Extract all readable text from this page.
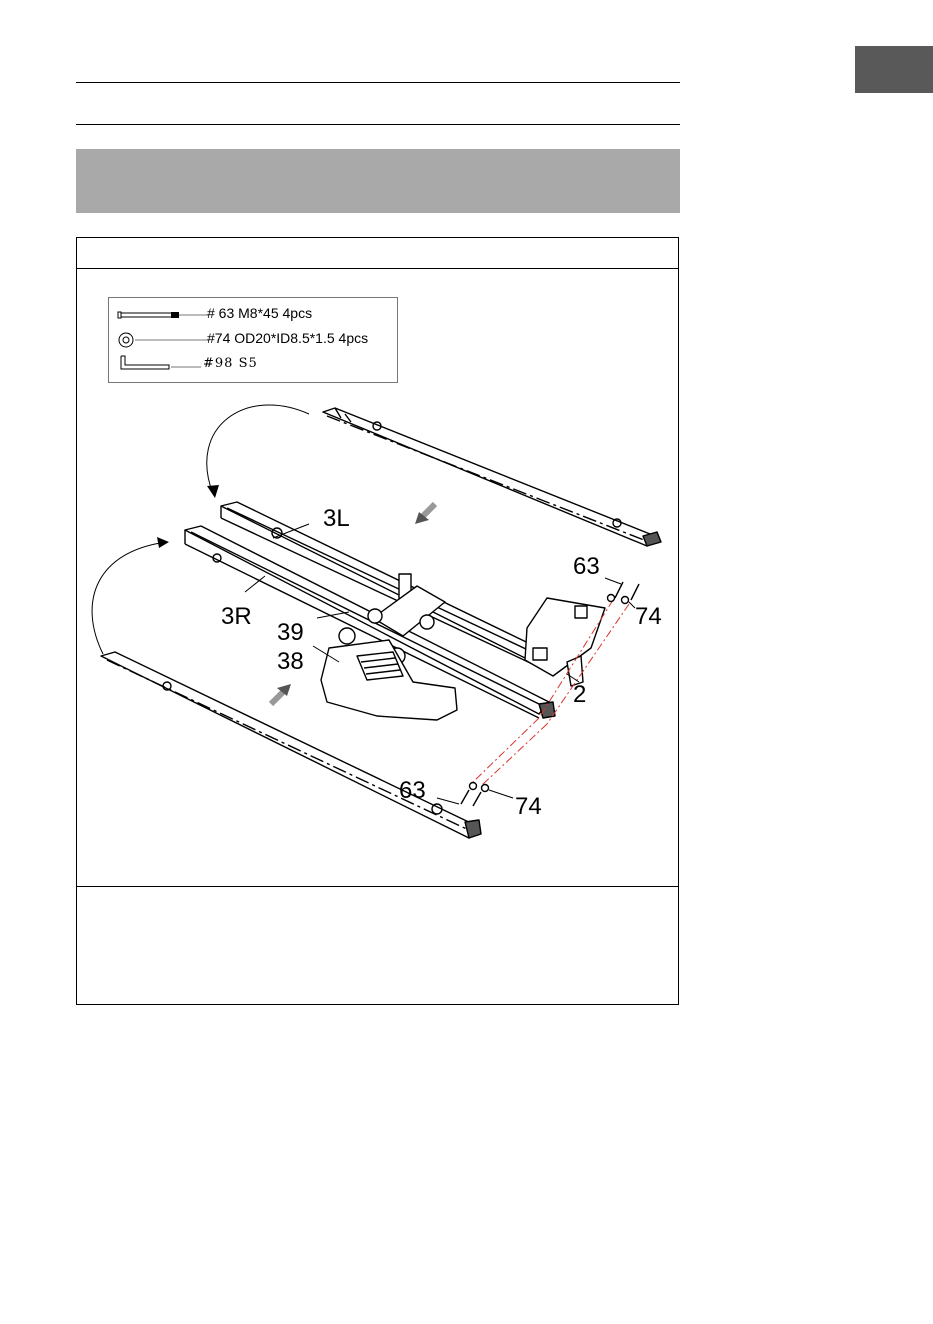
# 63 M8*45 4pcs
#74 OD20*ID8.5*1.5 4pcs
#98 S5
3L
3R
39
38
2
63
74
63
74
